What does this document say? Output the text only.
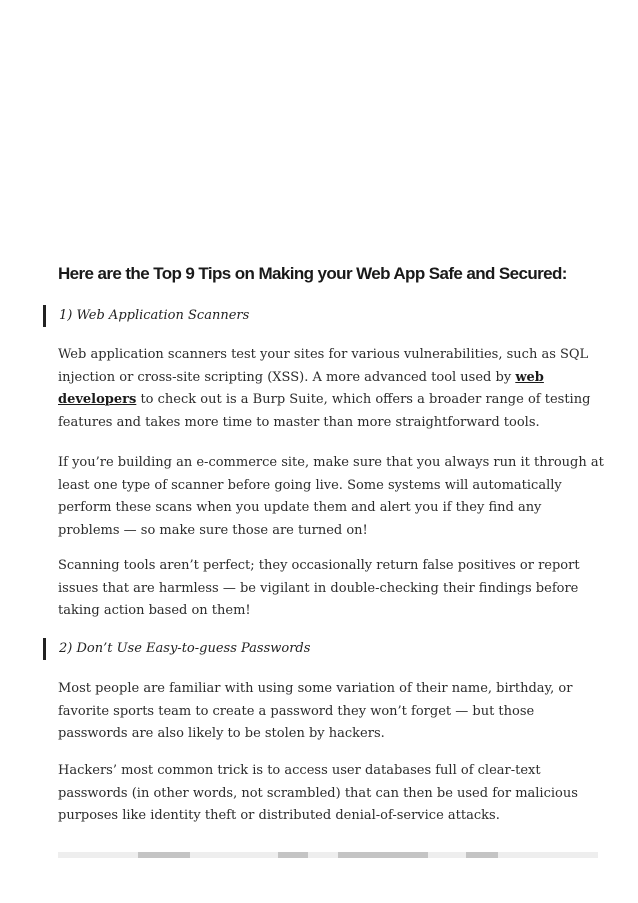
Here are the Top 9 Tips on Making your Web App Safe and Secured:
1) Web Application Scanners

Web application scanners test your sites for various vulnerabilities, such as SQL injection or cross-site scripting (XSS). A more advanced tool used by web developers to check out is a Burp Suite, which offers a broader range of testing features and takes more time to master than more straightforward tools.

If you’re building an e-commerce site, make sure that you always run it through at least one type of scanner before going live. Some systems will automatically perform these scans when you update them and alert you if they find any problems — so make sure those are turned on!

Scanning tools aren’t perfect; they occasionally return false positives or report issues that are harmless — be vigilant in double-checking their findings before taking action based on them!

2) Don’t Use Easy-to-guess Passwords

Most people are familiar with using some variation of their name, birthday, or favorite sports team to create a password they won’t forget — but those passwords are also likely to be stolen by hackers.

Hackers’ most common trick is to access user databases full of clear-text passwords (in other words, not scrambled) that can then be used for malicious purposes like identity theft or distributed denial-of-service attacks.
